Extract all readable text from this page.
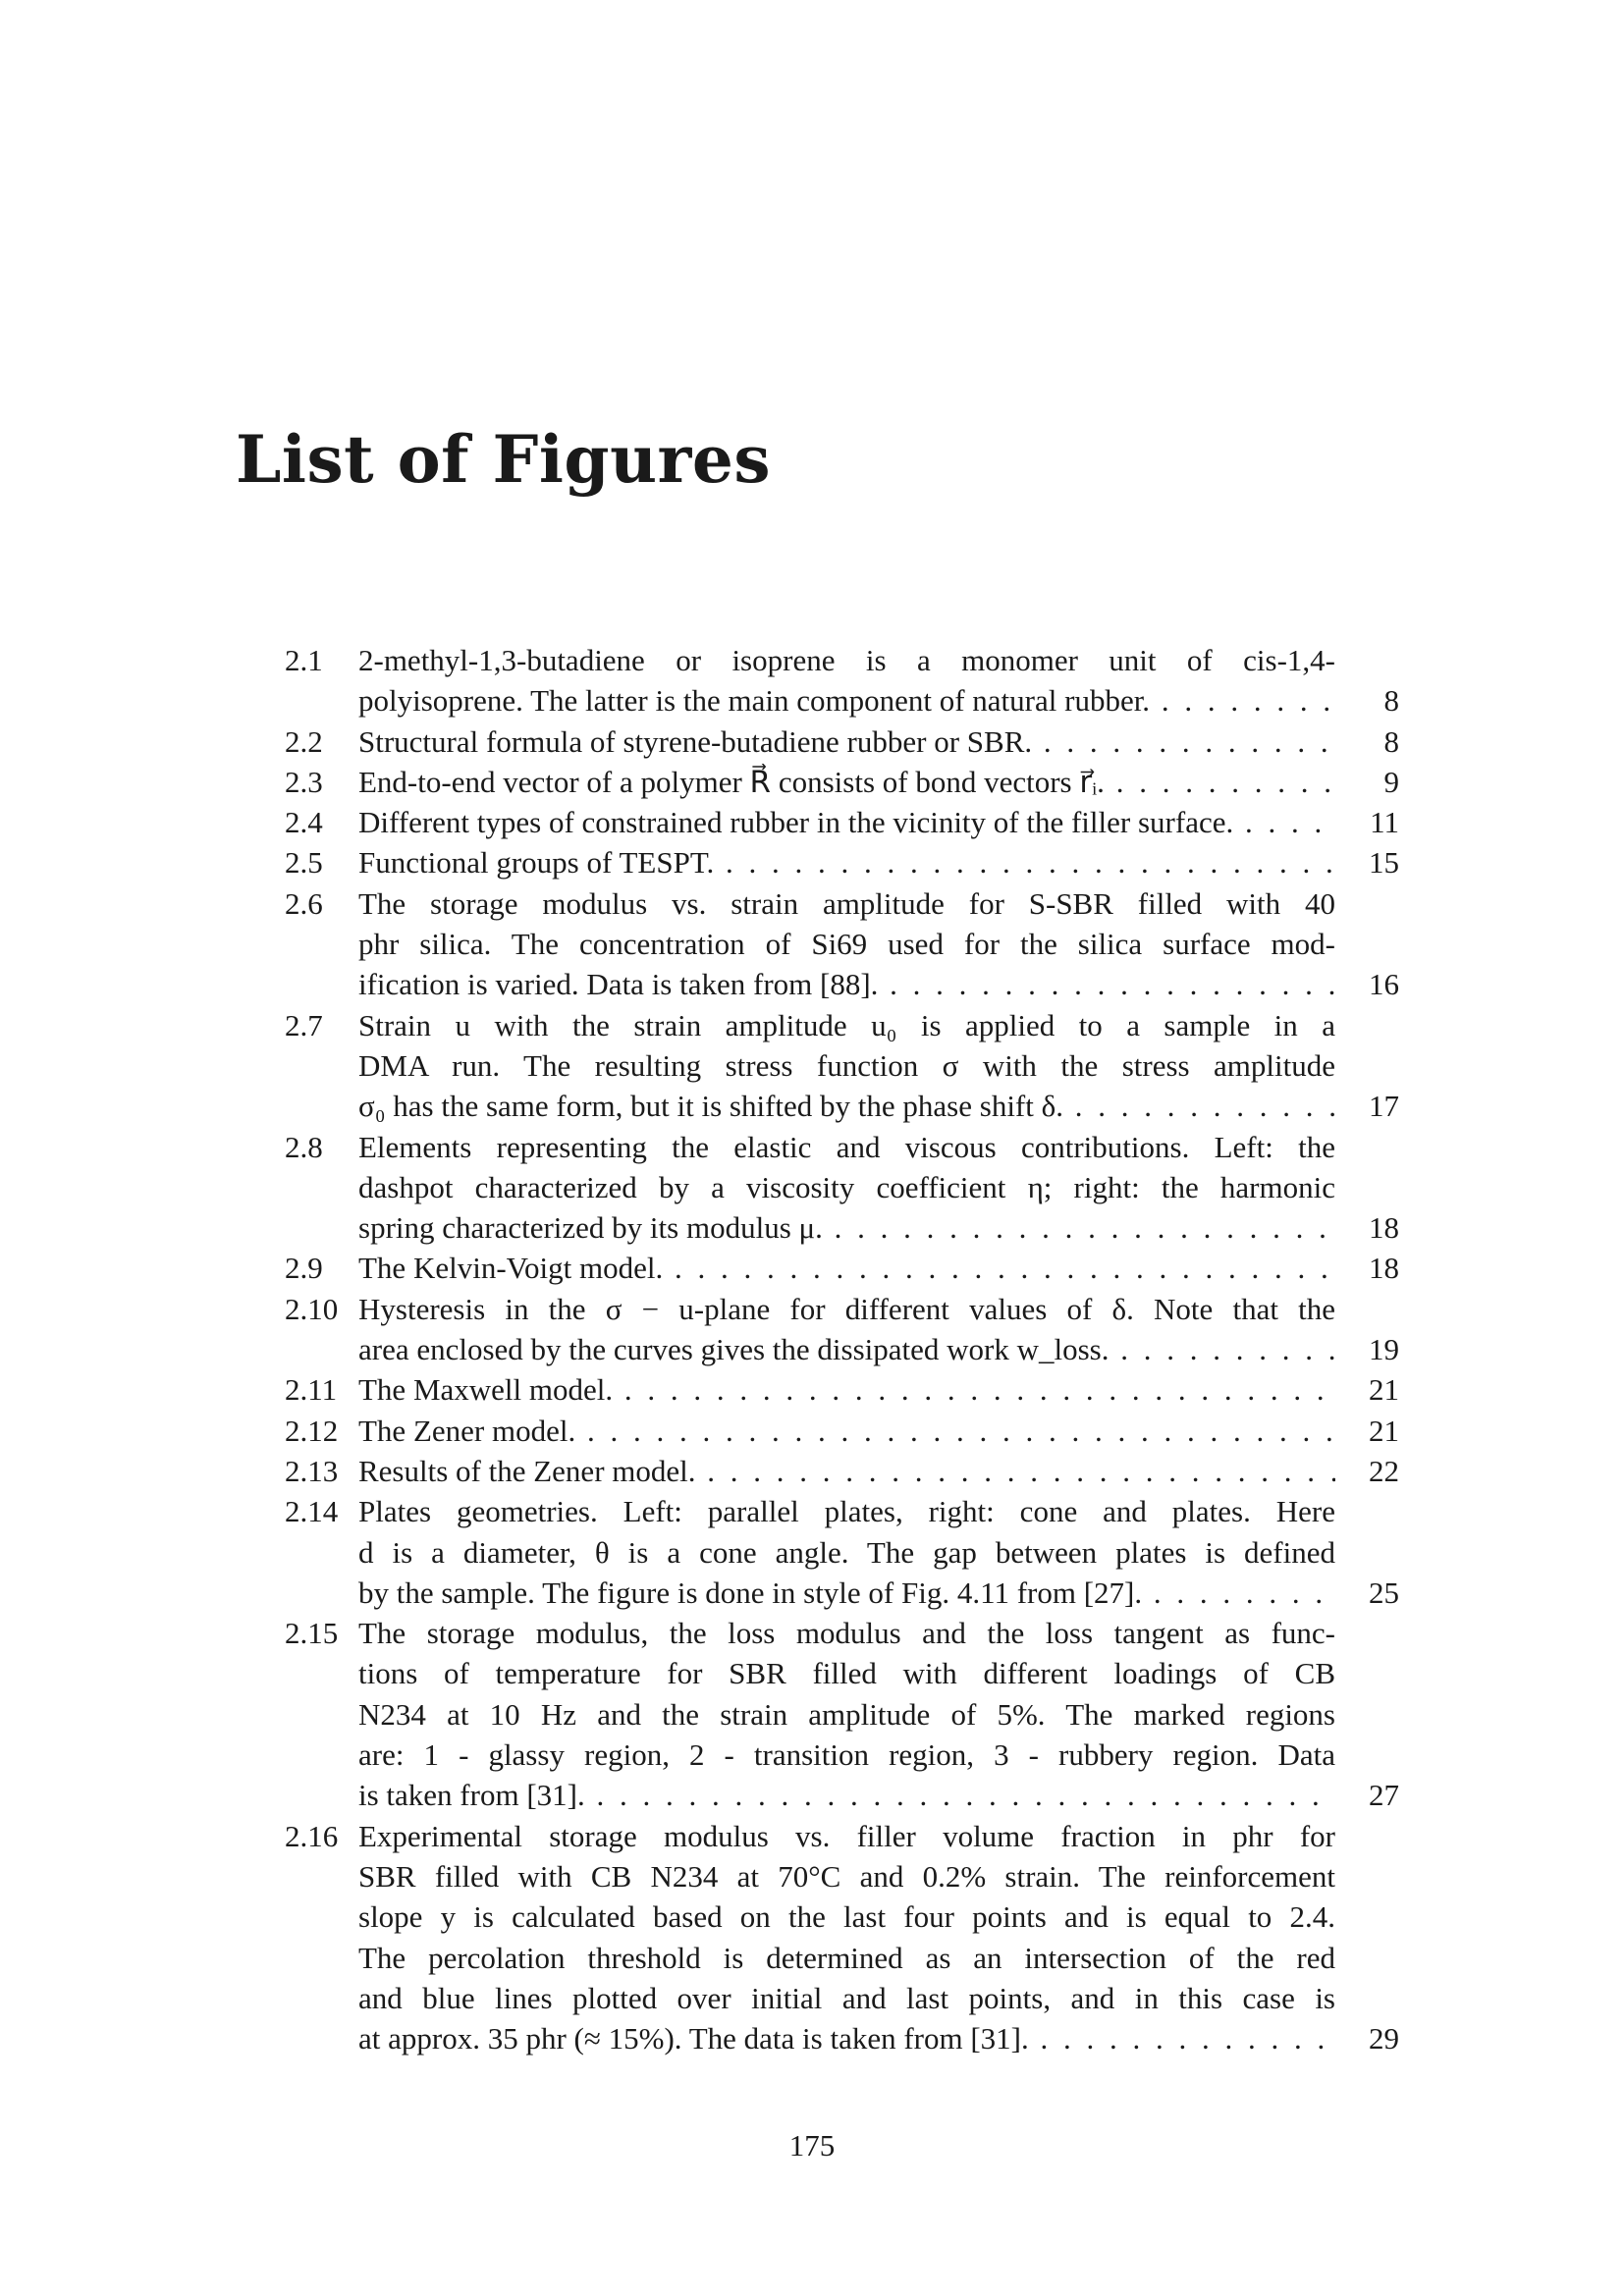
List of Figures
2.1	2-methyl-1,3-butadiene or isoprene is a monomer unit of cis-1,4-
polyisoprene. The latter is the main component of natural rubber. . . .	8
2.2	Structural formula of styrene-butadiene rubber or SBR. . . .	8
2.3	End-to-end vector of a polymer R⃗ consists of bond vectors r⃗ᵢ. . . .	9
2.4	Different types of constrained rubber in the vicinity of the filler surface. . . .	11
2.5	Functional groups of TESPT. . . .	15
2.6	The storage modulus vs. strain amplitude for S-SBR filled with 40
phr silica. The concentration of Si69 used for the silica surface mod-
ification is varied. Data is taken from [88]. . . .	16
2.7	Strain u with the strain amplitude u₀ is applied to a sample in a
DMA run. The resulting stress function σ with the stress amplitude
σ₀ has the same form, but it is shifted by the phase shift δ. . . .	17
2.8	Elements representing the elastic and viscous contributions. Left: the
dashpot characterized by a viscosity coefficient η; right: the harmonic
spring characterized by its modulus μ. . . .	18
2.9	The Kelvin-Voigt model. . . .	18
2.10 Hysteresis in the σ − u-plane for different values of δ. Note that the
area enclosed by the curves gives the dissipated work w_loss. . . .	19
2.11 The Maxwell model. . . .	21
2.12 The Zener model. . . .	21
2.13 Results of the Zener model. . . .	22
2.14 Plates geometries. Left: parallel plates, right: cone and plates. Here
d is a diameter, θ is a cone angle. The gap between plates is defined
by the sample. The figure is done in style of Fig. 4.11 from [27]. . . .	25
2.15 The storage modulus, the loss modulus and the loss tangent as func-
tions of temperature for SBR filled with different loadings of CB
N234 at 10 Hz and the strain amplitude of 5%. The marked regions
are: 1 - glassy region, 2 - transition region, 3 - rubbery region. Data
is taken from [31]. . . .	27
2.16 Experimental storage modulus vs. filler volume fraction in phr for
SBR filled with CB N234 at 70°C and 0.2% strain. The reinforcement
slope y is calculated based on the last four points and is equal to 2.4.
The percolation threshold is determined as an intersection of the red
and blue lines plotted over initial and last points, and in this case is
at approx. 35 phr (≈ 15%). The data is taken from [31]. . . .	29
175
